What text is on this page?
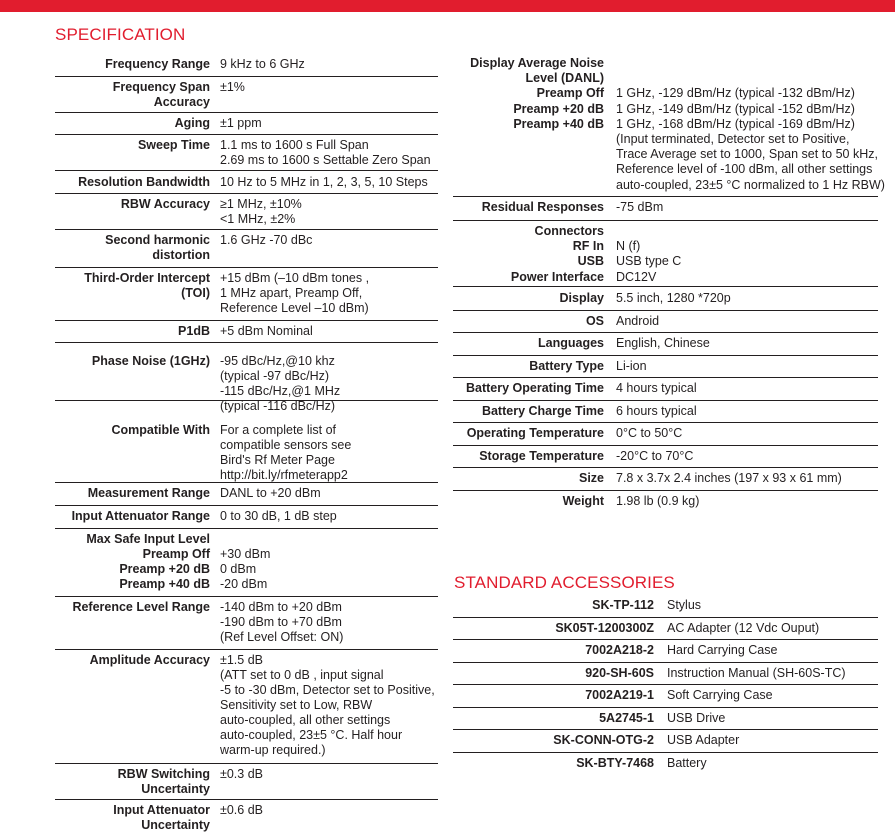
SPECIFICATION
Frequency Range 9 kHz to 6 GHz
Frequency Span
Accuracy
±1%
Aging ±1 ppm
Sweep Time 1.1 ms to 1600 s Full Span
2.69 ms to 1600 s Settable Zero Span
Resolution Bandwidth 10 Hz to 5 MHz in 1, 2, 3, 5, 10 Steps
RBW Accuracy ≥1 MHz, ±10%
<1 MHz, ±2%
Second harmonic
distortion
1.6 GHz -70 dBc
Third-Order Intercept
(TOI)
+15 dBm (–10 dBm tones ,
1 MHz apart, Preamp Off,
Reference Level –10 dBm)
P1dB +5 dBm Nominal
Phase Noise (1GHz) -95 dBc/Hz,@10 khz
(typical -97 dBc/Hz)
-115 dBc/Hz,@1 MHz
(typical -116 dBc/Hz)
Compatible With For a complete list of
compatible sensors see
Bird's Rf Meter Page
http://bit.ly/rfmeterapp2
Measurement Range DANL to +20 dBm
Input Attenuator Range 0 to 30 dB, 1 dB step
Max Safe Input Level
Preamp Off
Preamp +20 dB
Preamp +40 dB

+30 dBm
0 dBm
-20 dBm
Reference Level Range -140 dBm to +20 dBm
-190 dBm to +70 dBm
(Ref Level Offset: ON)
Amplitude Accuracy ±1.5 dB
(ATT set to 0 dB , input signal
-5 to -30 dBm, Detector set to Positive,
Sensitivity set to Low, RBW
auto-coupled, all other settings
auto-coupled, 23±5 °C. Half hour
warm-up required.)
RBW Switching
Uncertainty
±0.3 dB
Input Attenuator
Uncertainty
±0.6 dB
Display Average Noise
Level (DANL)
Preamp Off
Preamp +20 dB
Preamp +40 dB

1 GHz, -129 dBm/Hz (typical -132 dBm/Hz)
1 GHz, -149 dBm/Hz (typical -152 dBm/Hz)
1 GHz, -168 dBm/Hz (typical -169 dBm/Hz)
(Input terminated, Detector set to Positive,
Trace Average set to 1000, Span set to 50 kHz,
Reference level of -100 dBm, all other settings
auto-coupled, 23±5 °C normalized to 1 Hz RBW)
Residual Responses -75 dBm
Connectors
RF In
USB
Power Interface

N (f)
USB type C
DC12V
Display 5.5 inch, 1280 *720p
OS Android
Languages English, Chinese
Battery Type Li-ion
Battery Operating Time 4 hours typical
Battery Charge Time 6 hours typical
Operating Temperature 0°C to 50°C
Storage Temperature -20°C to 70°C
Size 7.8 x 3.7x 2.4 inches (197 x 93 x 61 mm)
Weight 1.98 lb (0.9 kg)
STANDARD ACCESSORIES
SK-TP-112 Stylus
SK05T-1200300Z AC Adapter (12 Vdc Ouput)
7002A218-2 Hard Carrying Case
920-SH-60S Instruction Manual (SH-60S-TC)
7002A219-1 Soft Carrying Case
5A2745-1 USB Drive
SK-CONN-OTG-2 USB Adapter
SK-BTY-7468 Battery
